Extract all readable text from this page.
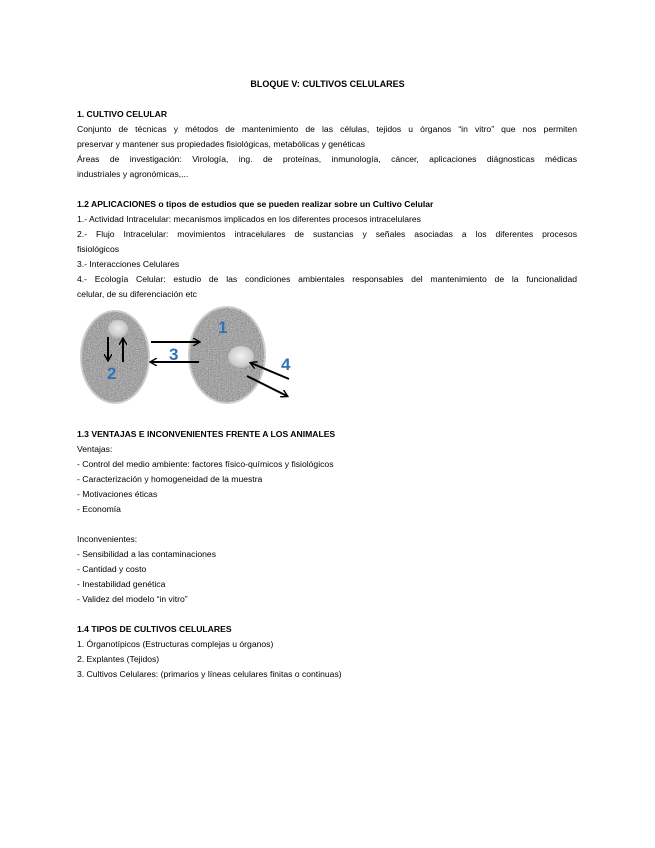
BLOQUE V: CULTIVOS CELULARES
1. CULTIVO CELULAR
Conjunto de técnicas y métodos de mantenimiento de las células, tejidos u órganos “in vitro” que nos permiten
preservar y mantener sus propiedades fisiológicas, metabólicas y genéticas
Áreas de investigación: Virología, ing. de proteínas, inmunología, cáncer, aplicaciones diágnosticas médicas
industriales y agronómicas,...
1.2 APLICACIONES o tipos de estudios que se pueden realizar sobre un Cultivo Celular
1.- Actividad Intracelular: mecanismos implicados en los diferentes procesos intracelulares
2.- Flujo Intracelular: movimientos intracelulares de sustancias y señales asociadas a los diferentes procesos
fisiológicos
3.- Interacciones Celulares
4.- Ecología Celular: estudio de las condiciones ambientales responsables del mantenimiento de la funcionalidad
celular, de su diferenciación etc
1
2
3
4
1.3 VENTAJAS E INCONVENIENTES FRENTE A LOS ANIMALES
Ventajas:
- Control del medio ambiente: factores físico-químicos y fisiológicos
- Caracterización y homogeneidad de la muestra
- Motivaciones éticas
- Economía
Inconvenientes:
- Sensibilidad a las contaminaciones
- Cantidad y costo
- Inestabilidad genética
- Validez del modelo “in vitro”
1.4 TIPOS DE CULTIVOS CELULARES
1. Órganotípicos (Estructuras complejas u órganos)
2. Explantes (Tejidos)
3. Cultivos Celulares: (primarios y líneas celulares finitas o continuas)
